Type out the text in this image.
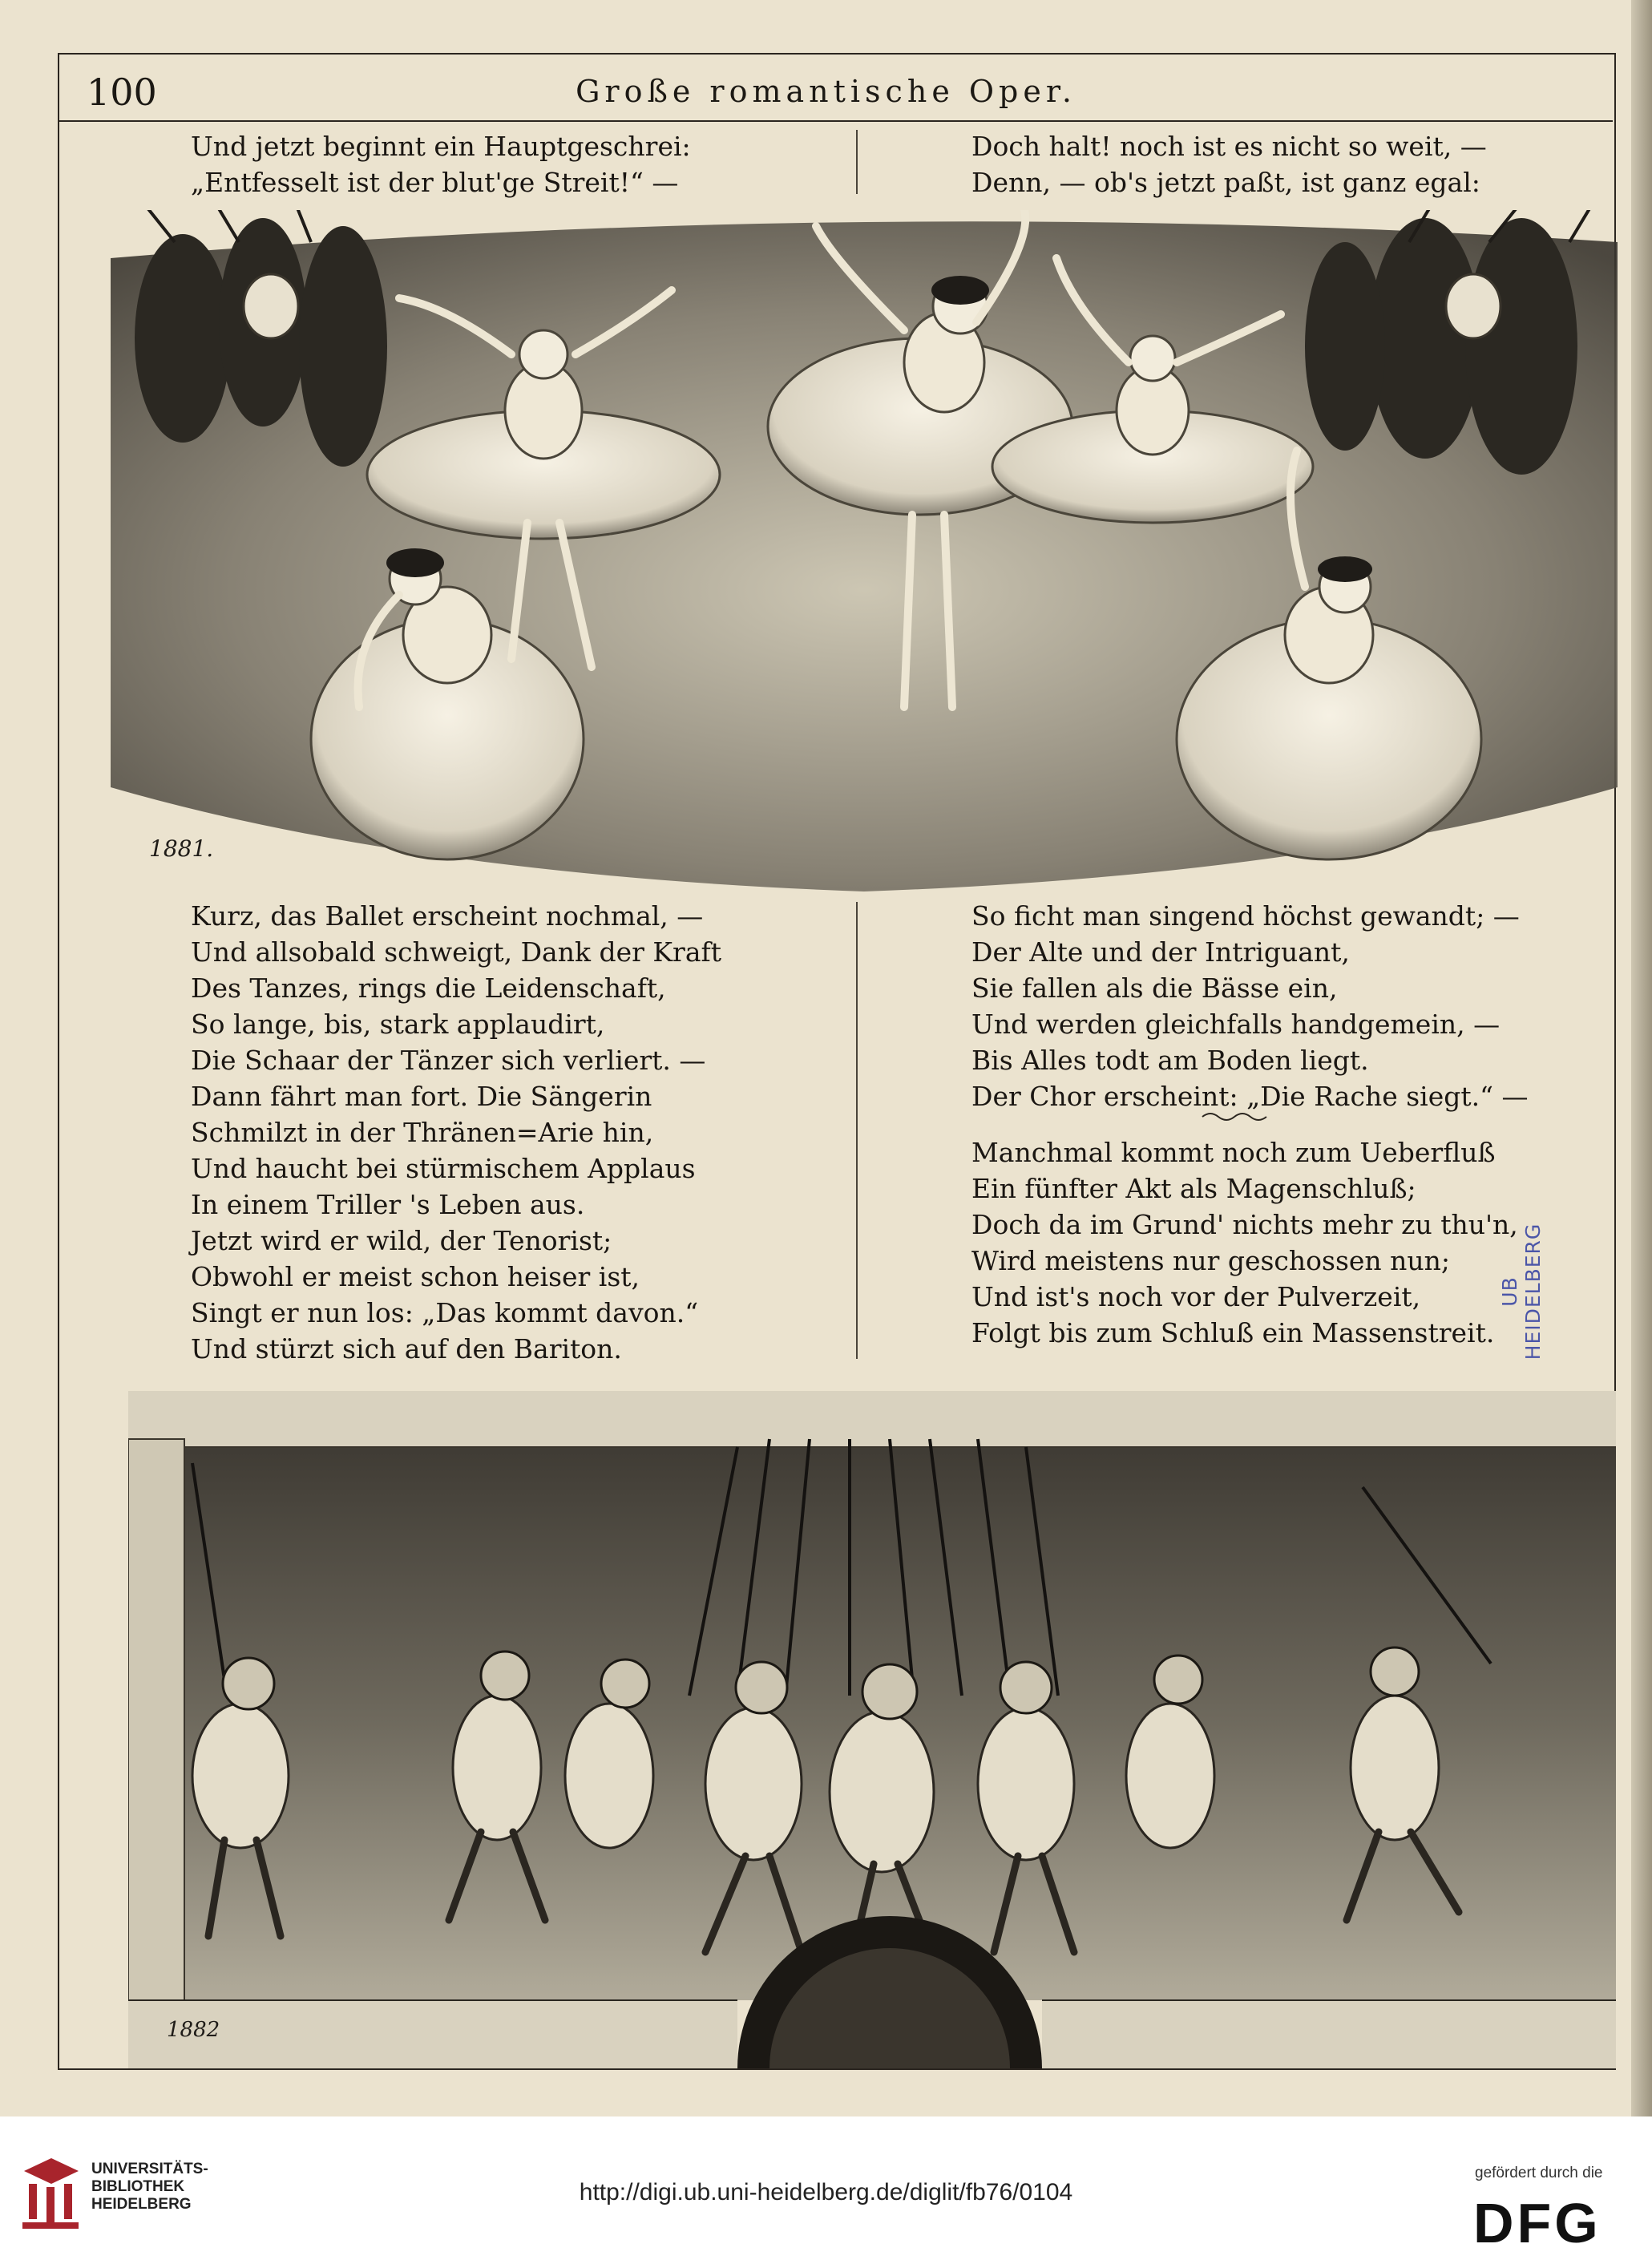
100	Große romantische Oper.
Und jetzt beginnt ein Hauptgeschrei:
„Entfesselt ist der blut'ge Streit!“ —
Doch halt! noch ist es nicht so weit, —
Denn, — ob's jetzt paßt, ist ganz egal:
1881.
Kurz, das Ballet erscheint nochmal, —
Und allsobald schweigt, Dank der Kraft
Des Tanzes, rings die Leidenschaft,
So lange, bis, stark applaudirt,
Die Schaar der Tänzer sich verliert. —
Dann fährt man fort. Die Sängerin
Schmilzt in der Thränen=Arie hin,
Und haucht bei stürmischem Applaus
In einem Triller 's Leben aus.
Jetzt wird er wild, der Tenorist;
Obwohl er meist schon heiser ist,
Singt er nun los: „Das kommt davon.“
Und stürzt sich auf den Bariton.
So ficht man singend höchst gewandt; —
Der Alte und der Intriguant,
Sie fallen als die Bässe ein,
Und werden gleichfalls handgemein, —
Bis Alles todt am Boden liegt.
Der Chor erscheint: „Die Rache siegt.“ —
Manchmal kommt noch zum Ueberfluß
Ein fünfter Akt als Magenschluß;
Doch da im Grund' nichts mehr zu thu'n,
Wird meistens nur geschossen nun;
Und ist's noch vor der Pulverzeit,
Folgt bis zum Schluß ein Massenstreit.
UB HEIDELBERG
1882
UNIVERSITÄTS-
BIBLIOTHEK
HEIDELBERG	http://digi.ub.uni-heidelberg.de/diglit/fb76/0104
gefördert durch die
DFG
